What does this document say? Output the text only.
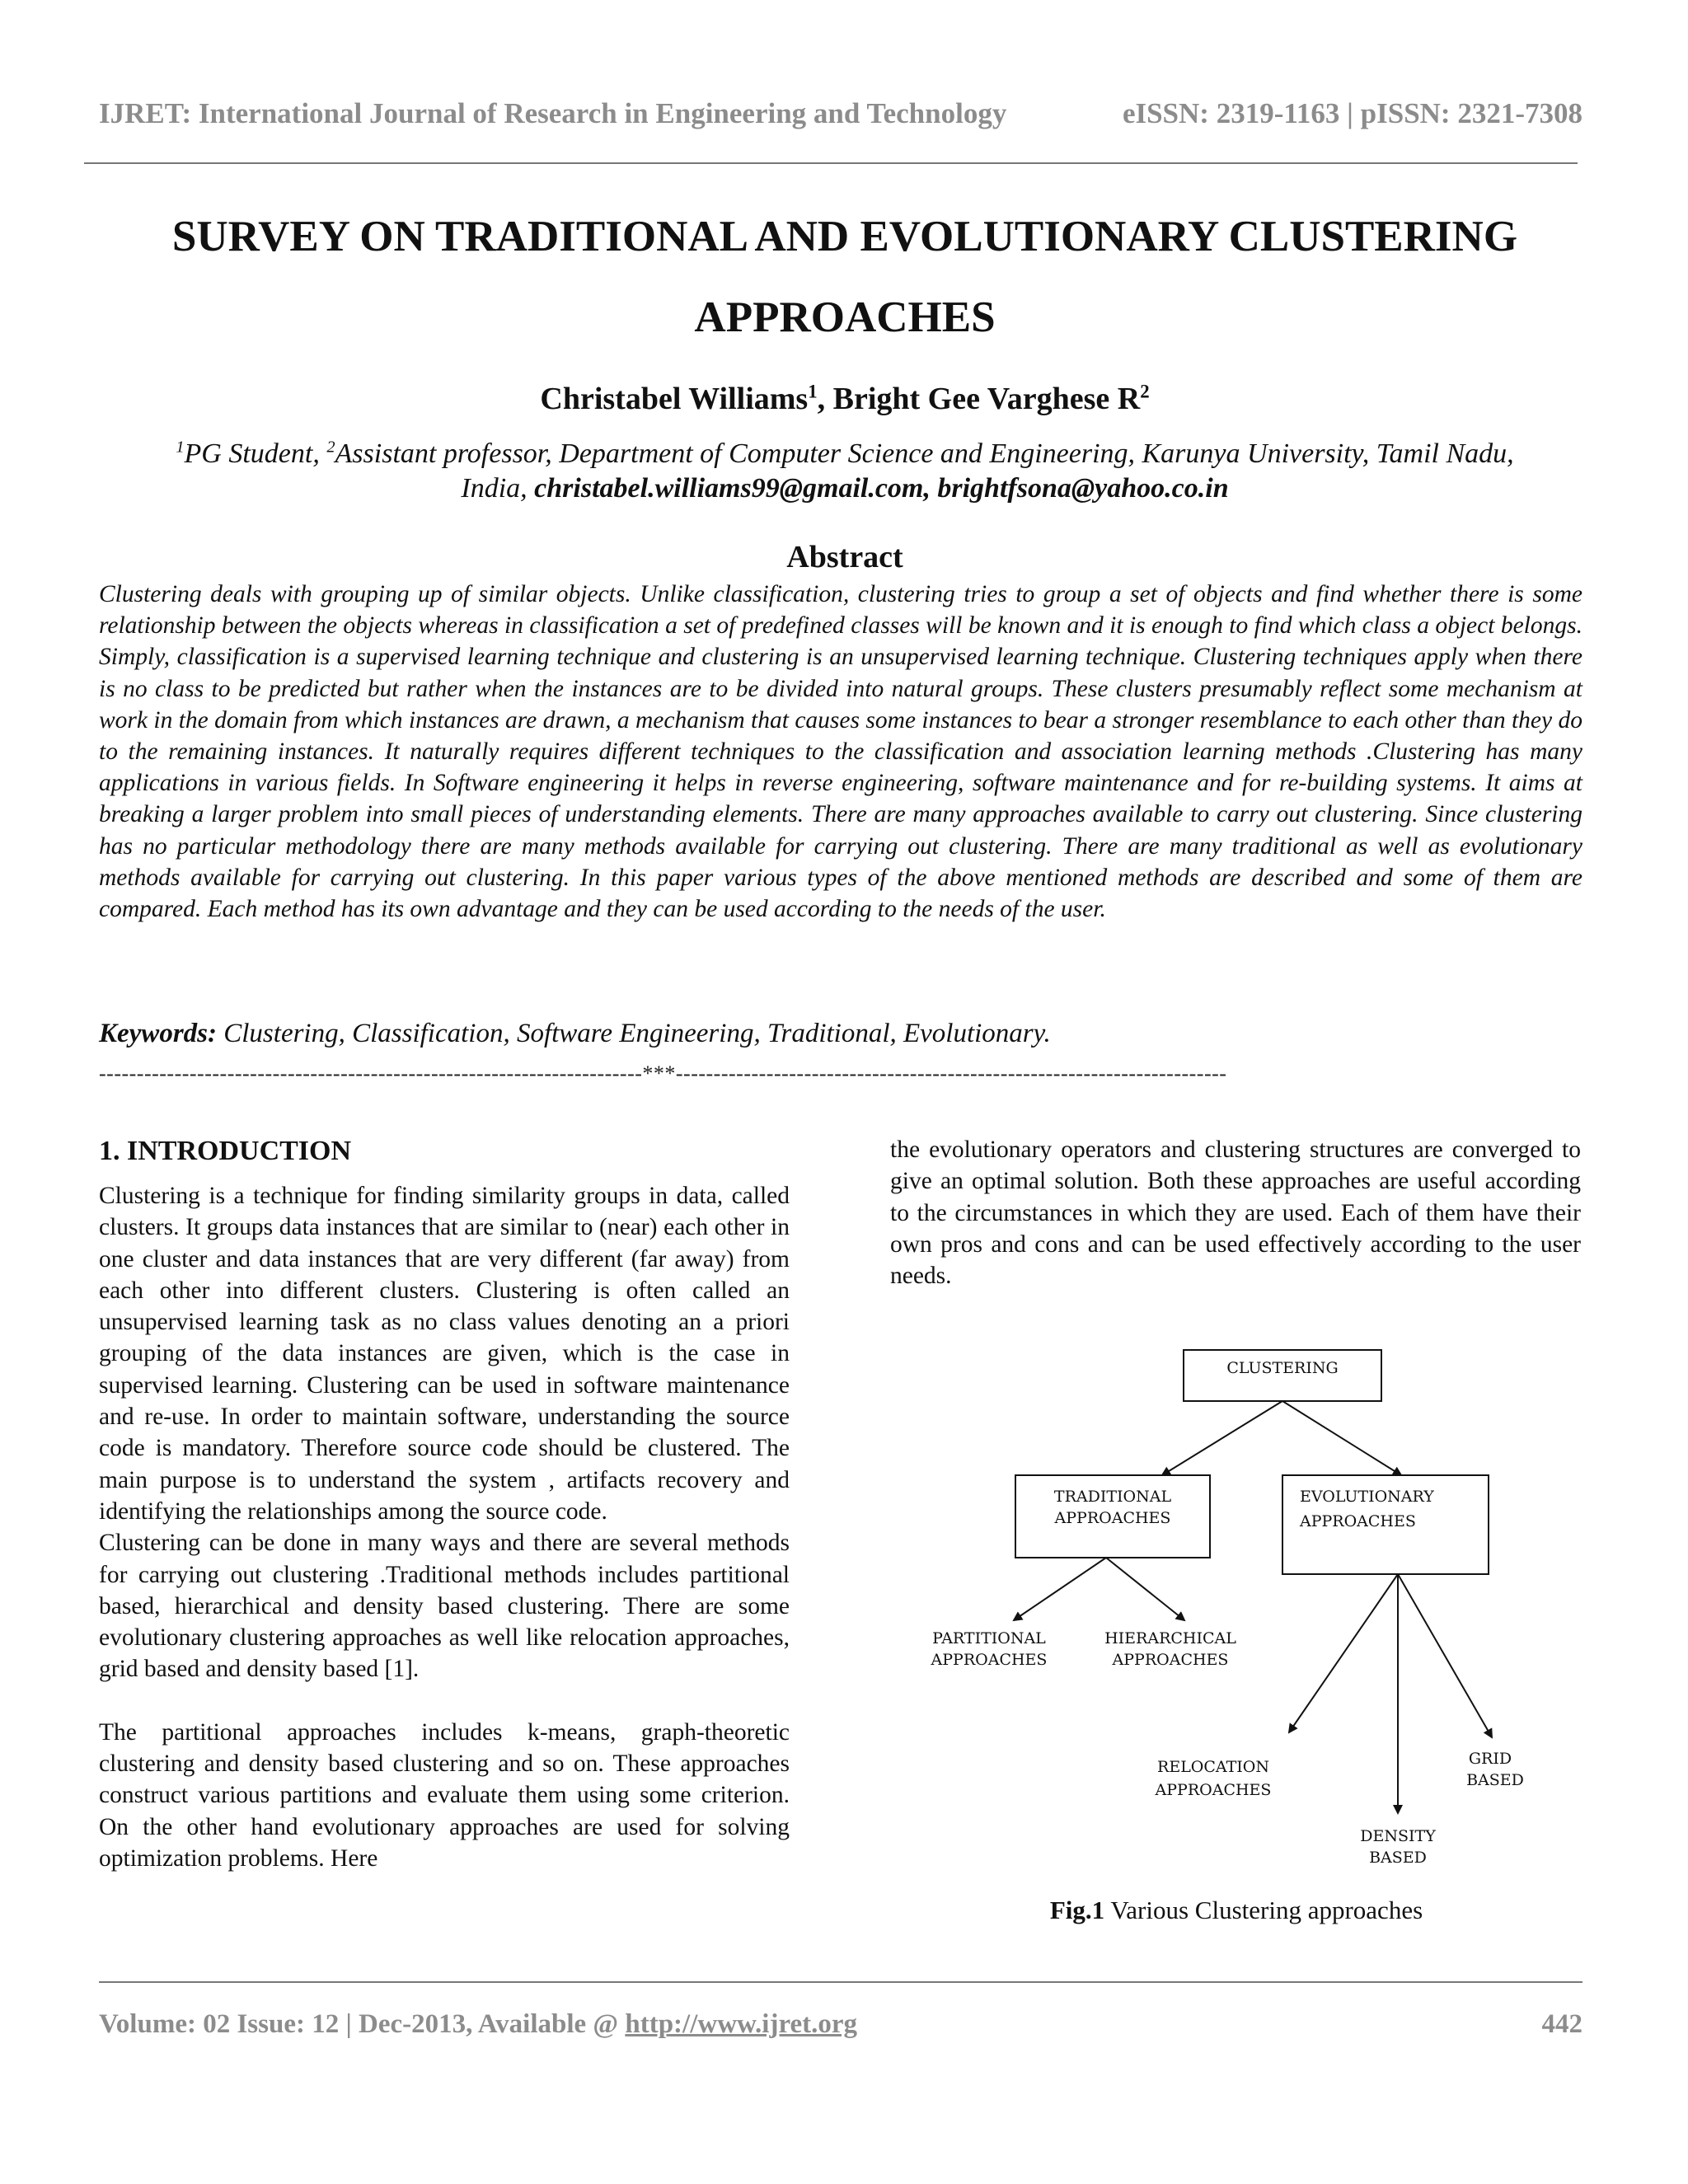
IJRET: International Journal of Research in Engineering and Technology	eISSN: 2319-1163 | pISSN: 2321-7308
SURVEY ON TRADITIONAL AND EVOLUTIONARY CLUSTERING
APPROACHES
Christabel Williams$^1$, Bright Gee Varghese $R^2$
$^1$PG Student, $^2$Assistant professor, Department of Computer Science and Engineering, Karunya University, Tamil Nadu,
India, christabel.williams99@gmail.com, brightfsona@yahoo.co.in
Abstract
Clustering deals with grouping up of similar objects. Unlike classification, clustering tries to group a set of objects and find whether there is some relationship between the objects whereas in classification a set of predefined classes will be known and it is enough to find which class a object belongs. Simply, classification is a supervised learning technique and clustering is an unsupervised learning technique. Clustering techniques apply when there is no class to be predicted but rather when the instances are to be divided into natural groups. These clusters presumably reflect some mechanism at work in the domain from which instances are drawn, a mechanism that causes some instances to bear a stronger resemblance to each other than they do to the remaining instances. It naturally requires different techniques to the classification and association learning methods .Clustering has many applications in various fields. In Software engineering it helps in reverse engineering, software maintenance and for re-building systems. It aims at breaking a larger problem into small pieces of understanding elements. There are many approaches available to carry out clustering. Since clustering has no particular methodology there are many methods available for carrying out clustering. There are many traditional as well as evolutionary methods available for carrying out clustering. In this paper various types of the above mentioned methods are described and some of them are compared. Each method has its own advantage and they can be used according to the needs of the user.
Keywords: Clustering, Classification, Software Engineering, Traditional, Evolutionary.
------------------------------------------------------------------------***-------------------------------------------------------------------------
1. INTRODUCTION

Clustering is a technique for finding similarity groups in data, called clusters. It groups data instances that are similar to (near) each other in one cluster and data instances that are very different (far away) from each other into different clusters. Clustering is often called an unsupervised learning task as no class values denoting an a priori grouping of the data instances are given, which is the case in supervised learning. Clustering can be used in software maintenance and re-use. In order to maintain software, understanding the source code is mandatory. Therefore source code should be clustered. The main purpose is to understand the system , artifacts recovery and identifying the relationships among the source code.

Clustering can be done in many ways and there are several methods for carrying out clustering .Traditional methods includes partitional based, hierarchical and density based clustering. There are some evolutionary clustering approaches as well like relocation approaches, grid based and density based [1].

The partitional approaches includes k-means, graph-theoretic clustering and density based clustering and so on. These approaches construct various partitions and evaluate them using some criterion. On the other hand evolutionary approaches are used for solving optimization problems. Here

the evolutionary operators and clustering structures are converged to give an optimal solution. Both these approaches are useful according to the circumstances in which they are used. Each of them have their own pros and cons and can be used effectively according to the user needs.

CLUSTERING
TRADITIONAL
APPROACHES
EVOLUTIONARY
APPROACHES
PARTITIONAL
APPROACHES
HIERARCHICAL
APPROACHES
RELOCATION
APPROACHES
GRID
BASED
DENSITY
BASED
Fig.1 Various Clustering approaches
Volume: 02 Issue: 12 | Dec-2013, Available @ http://www.ijret.org	442
